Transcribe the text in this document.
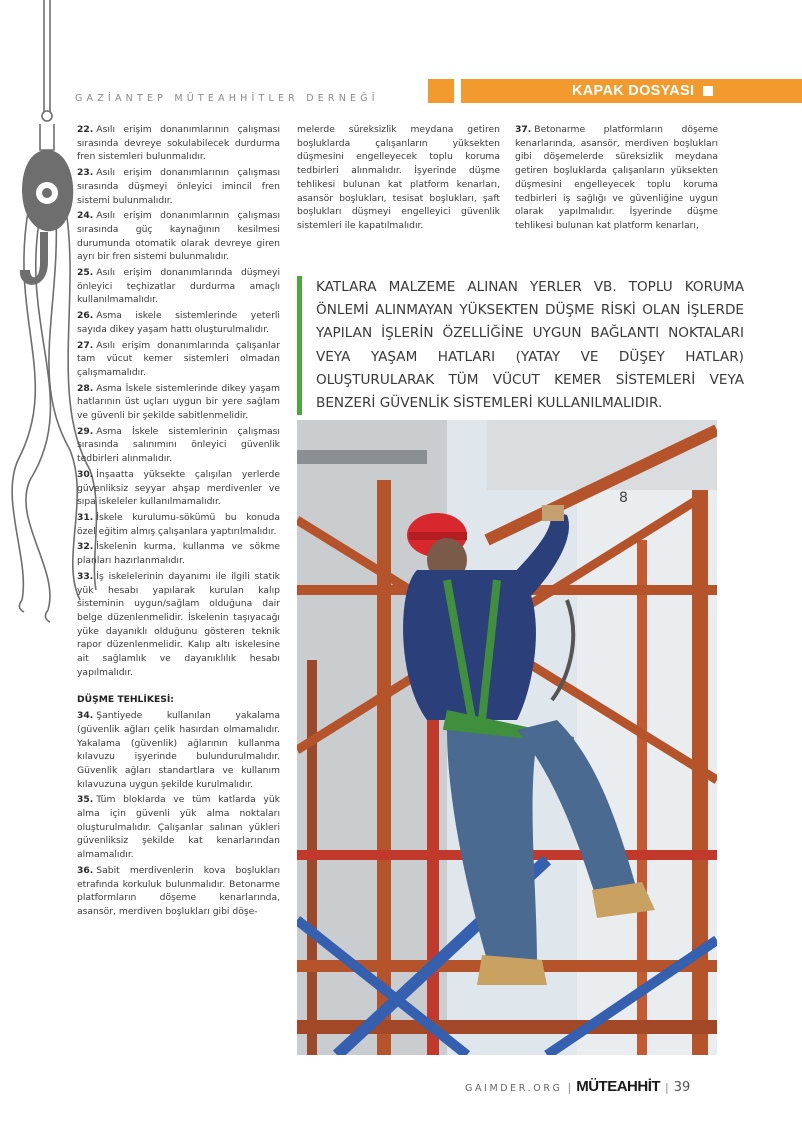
GAZİANTEP MÜTEAHHİTLER DERNEĞİ	KAPAK DOSYASI
22. Asılı erişim donanımlarının çalışması sırasında devreye sokulabilecek durdurma fren sistemleri bulunmalıdır.
23. Asılı erişim donanımlarının çalışması sırasında düşmeyi önleyici imincil fren sistemi bulunmalıdır.
24. Asılı erişim donanımlarının çalışması sırasında güç kaynağının kesilmesi durumunda otomatik olarak devreye giren ayrı bir fren sistemi bulunmalıdır.
25. Asılı erişim donanımlarında düşmeyi önleyici teçhizatlar durdurma amaçlı kullanılmamalıdır.
26. Asma iskele sistemlerinde yeterli sayıda dikey yaşam hattı oluşturulmalıdır.
27. Asılı erişim donanımlarında çalışanlar tam vücut kemer sistemleri olmadan çalışmamalıdır.
28. Asma İskele sistemlerinde dikey yaşam hatlarının üst uçları uygun bir yere sağlam ve güvenli bir şekilde sabitlenmelidir.
29. Asma İskele sistemlerinin çalışması sırasında salınımını önleyici güvenlik tedbirleri alınmalıdır.
30. İnşaatta yüksekte çalışılan yerlerde güvenliksiz seyyar ahşap merdivenler ve sıpa iskeleler kullanılmamalıdır.
31. İskele kurulumu-sökümü bu konuda özel eğitim almış çalışanlara yaptırılmalıdır.
32. İskelenin kurma, kullanma ve sökme planları hazırlanmalıdır.
33. İş iskelelerinin dayanımı ile ilgili statik yük hesabı yapılarak kurulan kalıp sisteminin uygun/sağlam olduğuna dair belge düzenlenmelidir. İskelenin taşıyacağı yüke dayanıklı olduğunu gösteren teknik rapor düzenlenmelidir. Kalıp altı iskelesine ait sağlamlık ve dayanıklılık hesabı yapılmalıdır.
DÜŞME TEHLİKESİ:
34. Şantiyede kullanılan yakalama (güvenlik ağları çelik hasırdan olmamalıdır. Yakalama (güvenlik) ağlarının kullanma kılavuzu işyerinde bulundurulmalıdır. Güvenlik ağları standartlara ve kullanım kılavuzuna uygun şekilde kurulmalıdır.
35. Tüm bloklarda ve tüm katlarda yük alma için güvenli yük alma noktaları oluşturulmalıdır. Çalışanlar salınan yükleri güvenliksiz şekilde kat kenarlarından almamalıdır.
36. Sabit merdivenlerin kova boşlukları etrafında korkuluk bulunmalıdır. Betonarme platformların döşeme kenarlarında, asansör, merdiven boşlukları gibi döşe-
melerde süreksizlik meydana getiren boşluklarda çalışanların yüksekten düşmesini engelleyecek toplu koruma tedbirleri alınmalıdır. İşyerinde düşme tehlikesi bulunan kat platform kenarları, asansör boşlukları, tesisat boşlukları, şaft boşlukları düşmeyi engelleyici güvenlik sistemleri ile kapatılmalıdır.
37. Betonarme platformların döşeme kenarlarında, asansör, merdiven boşlukları gibi döşemelerde süreksizlik meydana getiren boşluklarda çalışanların yüksekten düşmesini engelleyecek toplu koruma tedbirleri iş sağlığı ve güvenliğine uygun olarak yapılmalıdır. İşyerinde düşme tehlikesi bulunan kat platform kenarları,
KATLARA MALZEME ALINAN YERLER VB. TOPLU KORUMA ÖNLEMİ ALINMAYAN YÜKSEKTEN DÜŞME RİSKİ OLAN İŞLERDE YAPILAN İŞLERİN ÖZELLİĞİNE UYGUN BAĞLANTI NOKTALARI VEYA YAŞAM HATLARI (YATAY VE DÜŞEY HATLAR) OLUŞTURULARAK TÜM VÜCUT KEMER SİSTEMLERİ VEYA BENZERİ GÜVENLİK SİSTEMLERİ KULLANILMALIDIR.
8
GAIMDER.ORG | MÜTEAHHİT | 39
